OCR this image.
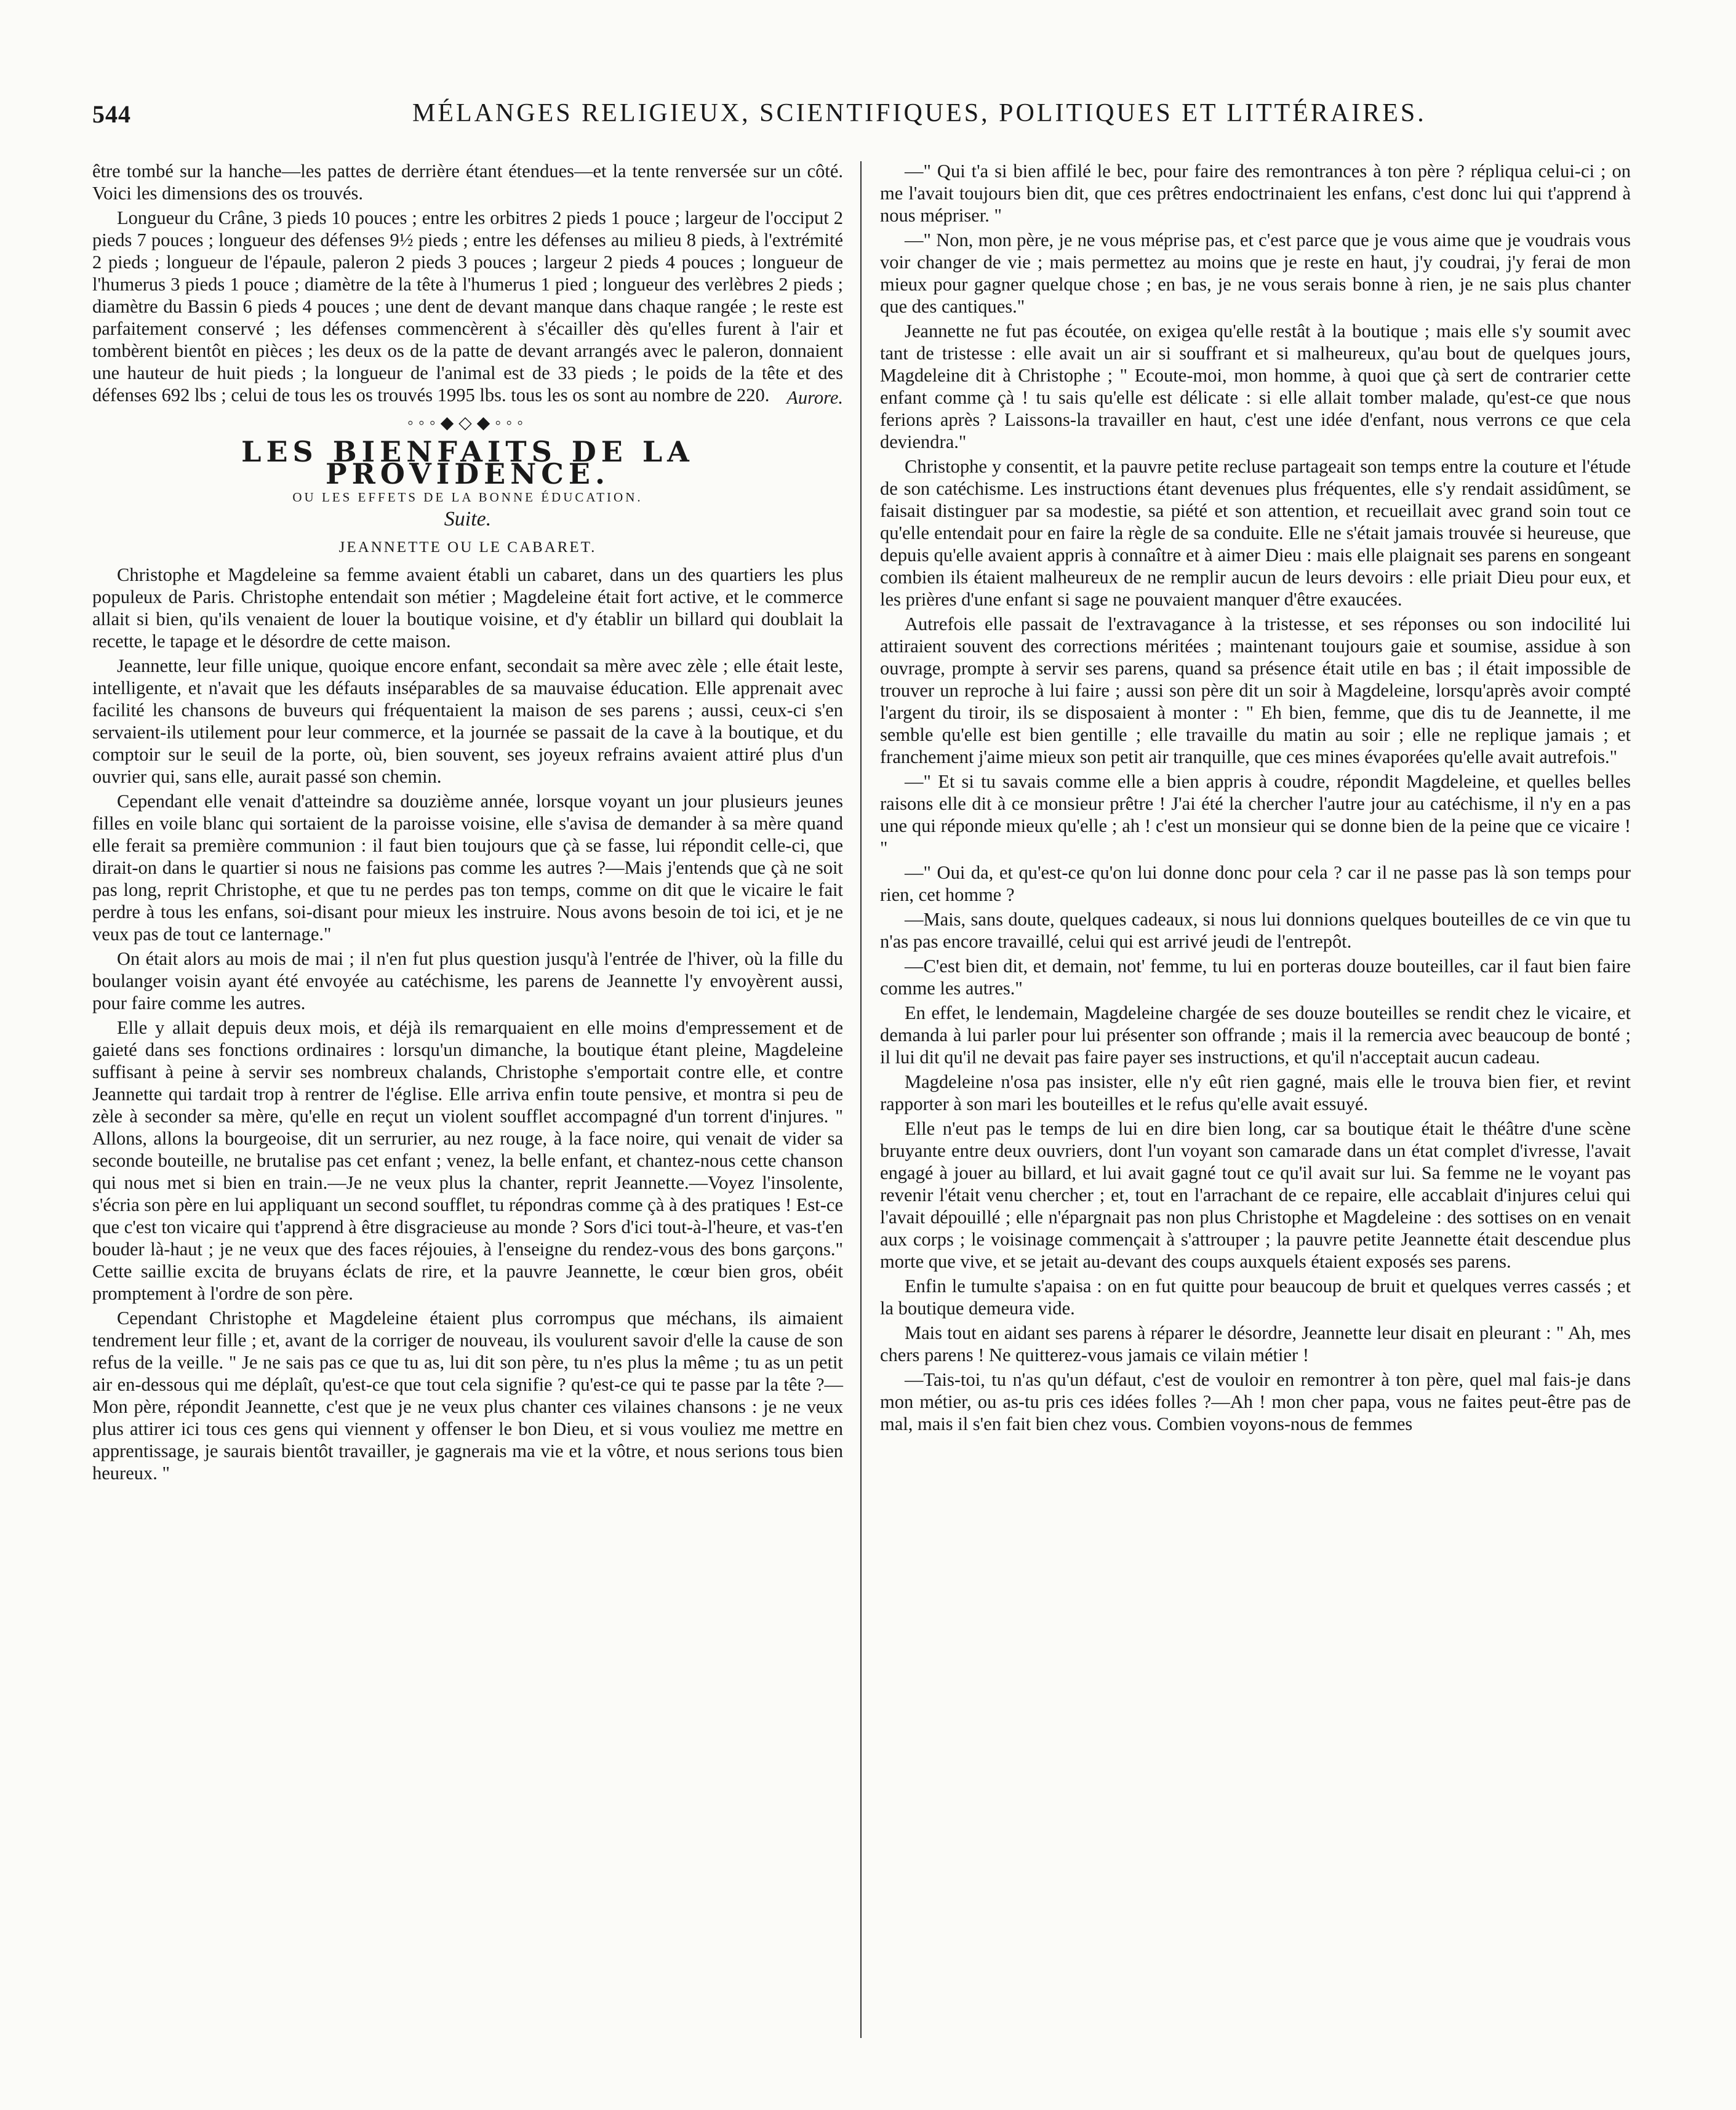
544	MÉLANGES RELIGIEUX, SCIENTIFIQUES, POLITIQUES ET LITTÉRAIRES.

être tombé sur la hanche—les pattes de derrière étant étendues—et la tente renversée sur un côté. Voici les dimensions des os trouvés.

Longueur du Crâne, 3 pieds 10 pouces ; entre les orbitres 2 pieds 1 pouce ; largeur de l'occiput 2 pieds 7 pouces ; longueur des défenses 9½ pieds ; entre les défenses au milieu 8 pieds, à l'extrémité 2 pieds ; longueur de l'épaule, paleron 2 pieds 3 pouces ; largeur 2 pieds 4 pouces ; longueur de l'humerus 3 pieds 1 pouce ; diamètre de la tête à l'humerus 1 pied ; longueur des verlèbres 2 pieds ; diamètre du Bassin 6 pieds 4 pouces ; une dent de devant manque dans chaque rangée ; le reste est parfaitement conservé ; les défenses commencèrent à s'écailler dès qu'elles furent à l'air et tombèrent bientôt en pièces ; les deux os de la patte de devant arrangés avec le paleron, donnaient une hauteur de huit pieds ; la longueur de l'animal est de 33 pieds ; le poids de la tête et des défenses 692 lbs ; celui de tous les os trouvés 1995 lbs. tous les os sont au nombre de 220. Aurore.

◦◦◦◆◇◆◦◦◦
LES BIENFAITS DE LA PROVIDENCE.
OU LES EFFETS DE LA BONNE ÉDUCATION.
Suite.
JEANNETTE OU LE CABARET.

Christophe et Magdeleine sa femme avaient établi un cabaret, dans un des quartiers les plus populeux de Paris. Christophe entendait son métier ; Magdeleine était fort active, et le commerce allait si bien, qu'ils venaient de louer la boutique voisine, et d'y établir un billard qui doublait la recette, le tapage et le désordre de cette maison.

Jeannette, leur fille unique, quoique encore enfant, secondait sa mère avec zèle ; elle était leste, intelligente, et n'avait que les défauts inséparables de sa mauvaise éducation. Elle apprenait avec facilité les chansons de buveurs qui fréquentaient la maison de ses parens ; aussi, ceux-ci s'en servaient-ils utilement pour leur commerce, et la journée se passait de la cave à la boutique, et du comptoir sur le seuil de la porte, où, bien souvent, ses joyeux refrains avaient attiré plus d'un ouvrier qui, sans elle, aurait passé son chemin.

Cependant elle venait d'atteindre sa douzième année, lorsque voyant un jour plusieurs jeunes filles en voile blanc qui sortaient de la paroisse voisine, elle s'avisa de demander à sa mère quand elle ferait sa première communion : il faut bien toujours que çà se fasse, lui répondit celle-ci, que dirait-on dans le quartier si nous ne faisions pas comme les autres ?—Mais j'entends que çà ne soit pas long, reprit Christophe, et que tu ne perdes pas ton temps, comme on dit que le vicaire le fait perdre à tous les enfans, soi-disant pour mieux les instruire. Nous avons besoin de toi ici, et je ne veux pas de tout ce lanternage."

On était alors au mois de mai ; il n'en fut plus question jusqu'à l'entrée de l'hiver, où la fille du boulanger voisin ayant été envoyée au catéchisme, les parens de Jeannette l'y envoyèrent aussi, pour faire comme les autres.

Elle y allait depuis deux mois, et déjà ils remarquaient en elle moins d'empressement et de gaieté dans ses fonctions ordinaires : lorsqu'un dimanche, la boutique étant pleine, Magdeleine suffisant à peine à servir ses nombreux chalands, Christophe s'emportait contre elle, et contre Jeannette qui tardait trop à rentrer de l'église. Elle arriva enfin toute pensive, et montra si peu de zèle à seconder sa mère, qu'elle en reçut un violent soufflet accompagné d'un torrent d'injures. " Allons, allons la bourgeoise, dit un serrurier, au nez rouge, à la face noire, qui venait de vider sa seconde bouteille, ne brutalise pas cet enfant ; venez, la belle enfant, et chantez-nous cette chanson qui nous met si bien en train.—Je ne veux plus la chanter, reprit Jeannette.—Voyez l'insolente, s'écria son père en lui appliquant un second soufflet, tu répondras comme çà à des pratiques ! Est-ce que c'est ton vicaire qui t'apprend à être disgracieuse au monde ? Sors d'ici tout-à-l'heure, et vas-t'en bouder là-haut ; je ne veux que des faces réjouies, à l'enseigne du rendez-vous des bons garçons." Cette saillie excita de bruyans éclats de rire, et la pauvre Jeannette, le cœur bien gros, obéit promptement à l'ordre de son père.

Cependant Christophe et Magdeleine étaient plus corrompus que méchans, ils aimaient tendrement leur fille ; et, avant de la corriger de nouveau, ils voulurent savoir d'elle la cause de son refus de la veille. " Je ne sais pas ce que tu as, lui dit son père, tu n'es plus la même ; tu as un petit air en-dessous qui me déplaît, qu'est-ce que tout cela signifie ? qu'est-ce qui te passe par la tête ?—Mon père, répondit Jeannette, c'est que je ne veux plus chanter ces vilaines chansons : je ne veux plus attirer ici tous ces gens qui viennent y offenser le bon Dieu, et si vous vouliez me mettre en apprentissage, je saurais bientôt travailler, je gagnerais ma vie et la vôtre, et nous serions tous bien heureux. "

—" Qui t'a si bien affilé le bec, pour faire des remontrances à ton père ? répliqua celui-ci ; on me l'avait toujours bien dit, que ces prêtres endoctrinaient les enfans, c'est donc lui qui t'apprend à nous mépriser. "

—" Non, mon père, je ne vous méprise pas, et c'est parce que je vous aime que je voudrais vous voir changer de vie ; mais permettez au moins que je reste en haut, j'y coudrai, j'y ferai de mon mieux pour gagner quelque chose ; en bas, je ne vous serais bonne à rien, je ne sais plus chanter que des cantiques."

Jeannette ne fut pas écoutée, on exigea qu'elle restât à la boutique ; mais elle s'y soumit avec tant de tristesse : elle avait un air si souffrant et si malheureux, qu'au bout de quelques jours, Magdeleine dit à Christophe ; " Ecoute-moi, mon homme, à quoi que çà sert de contrarier cette enfant comme çà ! tu sais qu'elle est délicate : si elle allait tomber malade, qu'est-ce que nous ferions après ? Laissons-la travailler en haut, c'est une idée d'enfant, nous verrons ce que cela deviendra."

Christophe y consentit, et la pauvre petite recluse partageait son temps entre la couture et l'étude de son catéchisme. Les instructions étant devenues plus fréquentes, elle s'y rendait assidûment, se faisait distinguer par sa modestie, sa piété et son attention, et recueillait avec grand soin tout ce qu'elle entendait pour en faire la règle de sa conduite. Elle ne s'était jamais trouvée si heureuse, que depuis qu'elle avaient appris à connaître et à aimer Dieu : mais elle plaignait ses parens en songeant combien ils étaient malheureux de ne remplir aucun de leurs devoirs : elle priait Dieu pour eux, et les prières d'une enfant si sage ne pouvaient manquer d'être exaucées.

Autrefois elle passait de l'extravagance à la tristesse, et ses réponses ou son indocilité lui attiraient souvent des corrections méritées ; maintenant toujours gaie et soumise, assidue à son ouvrage, prompte à servir ses parens, quand sa présence était utile en bas ; il était impossible de trouver un reproche à lui faire ; aussi son père dit un soir à Magdeleine, lorsqu'après avoir compté l'argent du tiroir, ils se disposaient à monter : " Eh bien, femme, que dis tu de Jeannette, il me semble qu'elle est bien gentille ; elle travaille du matin au soir ; elle ne replique jamais ; et franchement j'aime mieux son petit air tranquille, que ces mines évaporées qu'elle avait autrefois."

—" Et si tu savais comme elle a bien appris à coudre, répondit Magdeleine, et quelles belles raisons elle dit à ce monsieur prêtre ! J'ai été la chercher l'autre jour au catéchisme, il n'y en a pas une qui réponde mieux qu'elle ; ah ! c'est un monsieur qui se donne bien de la peine que ce vicaire ! "

—" Oui da, et qu'est-ce qu'on lui donne donc pour cela ? car il ne passe pas là son temps pour rien, cet homme ?

—Mais, sans doute, quelques cadeaux, si nous lui donnions quelques bouteilles de ce vin que tu n'as pas encore travaillé, celui qui est arrivé jeudi de l'entrepôt.

—C'est bien dit, et demain, not' femme, tu lui en porteras douze bouteilles, car il faut bien faire comme les autres."

En effet, le lendemain, Magdeleine chargée de ses douze bouteilles se rendit chez le vicaire, et demanda à lui parler pour lui présenter son offrande ; mais il la remercia avec beaucoup de bonté ; il lui dit qu'il ne devait pas faire payer ses instructions, et qu'il n'acceptait aucun cadeau.

Magdeleine n'osa pas insister, elle n'y eût rien gagné, mais elle le trouva bien fier, et revint rapporter à son mari les bouteilles et le refus qu'elle avait essuyé.

Elle n'eut pas le temps de lui en dire bien long, car sa boutique était le théâtre d'une scène bruyante entre deux ouvriers, dont l'un voyant son camarade dans un état complet d'ivresse, l'avait engagé à jouer au billard, et lui avait gagné tout ce qu'il avait sur lui. Sa femme ne le voyant pas revenir l'était venu chercher ; et, tout en l'arrachant de ce repaire, elle accablait d'injures celui qui l'avait dépouillé ; elle n'épargnait pas non plus Christophe et Magdeleine : des sottises on en venait aux corps ; le voisinage commençait à s'attrouper ; la pauvre petite Jeannette était descendue plus morte que vive, et se jetait au-devant des coups auxquels étaient exposés ses parens.

Enfin le tumulte s'apaisa : on en fut quitte pour beaucoup de bruit et quelques verres cassés ; et la boutique demeura vide.

Mais tout en aidant ses parens à réparer le désordre, Jeannette leur disait en pleurant : " Ah, mes chers parens ! Ne quitterez-vous jamais ce vilain métier !

—Tais-toi, tu n'as qu'un défaut, c'est de vouloir en remontrer à ton père, quel mal fais-je dans mon métier, ou as-tu pris ces idées folles ?—Ah ! mon cher papa, vous ne faites peut-être pas de mal, mais il s'en fait bien chez vous. Combien voyons-nous de femmes
